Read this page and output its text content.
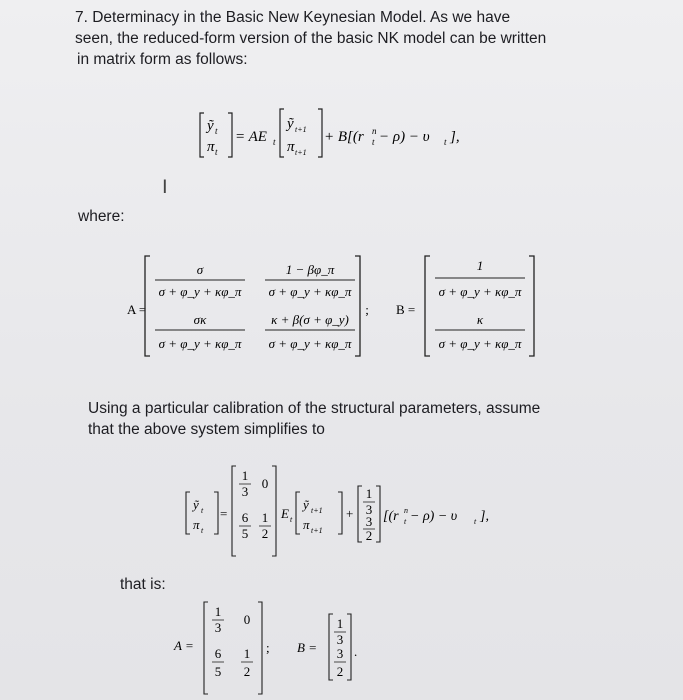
7. Determinacy in the Basic New Keynesian Model. As we have
seen, the reduced-form version of the basic NK model can be written
in matrix form as follows:
ỹ t
π t
= AE t
ỹ t+1
π t+1
+ B[(r n
t − ρ) − υ t ],
I
where:
A =
σ
σ + φ_y + κφ_π
1 − βφ_π
σ + φ_y + κφ_π
σκ
σ + φ_y + κφ_π
κ + β(σ + φ_y)
σ + φ_y + κφ_π
; B =
1
σ + φ_y + κφ_π
κ
σ + φ_y + κφ_π
Using a particular calibration of the structural parameters, assume
that the above system simplifies to
ỹ t
π t
=
1
3
0
6
5
1
2
E t
ỹ t+1
π t+1
+
1
3
3
2
[(r n
t − ρ) − υ t ],
that is:
A =
1
3
0
6
5
1
2
; B =
1
3
3
2
.
